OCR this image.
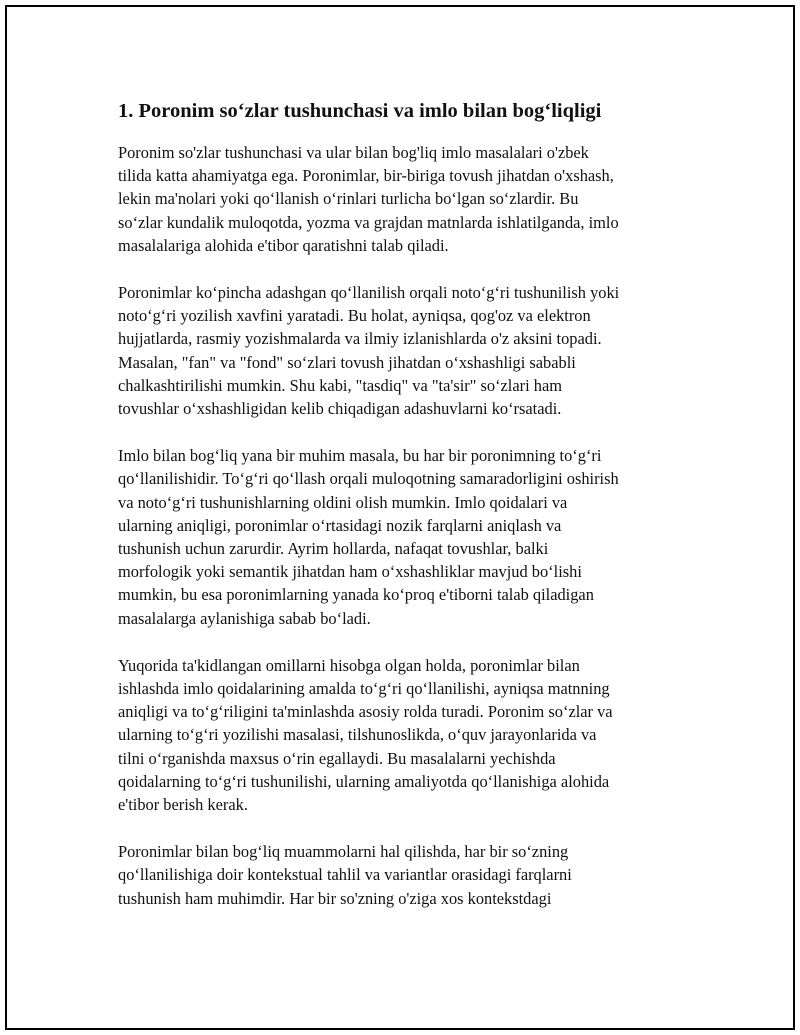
1. Poronim so‘zlar tushunchasi va imlo bilan bog‘liqligi

Poronim so'zlar tushunchasi va ular bilan bog'liq imlo masalalari o'zbek
tilida katta ahamiyatga ega. Poronimlar, bir-biriga tovush jihatdan o'xshash,
lekin ma'nolari yoki qo‘llanish o‘rinlari turlicha bo‘lgan so‘zlardir. Bu
so‘zlar kundalik muloqotda, yozma va grajdan matnlarda ishlatilganda, imlo
masalalariga alohida e'tibor qaratishni talab qiladi.

Poronimlar ko‘pincha adashgan qo‘llanilish orqali noto‘g‘ri tushunilish yoki
noto‘g‘ri yozilish xavfini yaratadi. Bu holat, ayniqsa, qog'oz va elektron
hujjatlarda, rasmiy yozishmalarda va ilmiy izlanishlarda o'z aksini topadi.
Masalan, "fan" va "fond" so‘zlari tovush jihatdan o‘xshashligi sababli
chalkashtirilishi mumkin. Shu kabi, "tasdiq" va "ta'sir" so‘zlari ham
tovushlar o‘xshashligidan kelib chiqadigan adashuvlarni ko‘rsatadi.

Imlo bilan bog‘liq yana bir muhim masala, bu har bir poronimning to‘g‘ri
qo‘llanilishidir. To‘g‘ri qo‘llash orqali muloqotning samaradorligini oshirish
va noto‘g‘ri tushunishlarning oldini olish mumkin. Imlo qoidalari va
ularning aniqligi, poronimlar o‘rtasidagi nozik farqlarni aniqlash va
tushunish uchun zarurdir. Ayrim hollarda, nafaqat tovushlar, balki
morfologik yoki semantik jihatdan ham o‘xshashliklar mavjud bo‘lishi
mumkin, bu esa poronimlarning yanada ko‘proq e'tiborni talab qiladigan
masalalarga aylanishiga sabab bo‘ladi.

Yuqorida ta'kidlangan omillarni hisobga olgan holda, poronimlar bilan
ishlashda imlo qoidalarining amalda to‘g‘ri qo‘llanilishi, ayniqsa matnning
aniqligi va to‘g‘riligini ta'minlashda asosiy rolda turadi. Poronim so‘zlar va
ularning to‘g‘ri yozilishi masalasi, tilshunoslikda, o‘quv jarayonlarida va
tilni o‘rganishda maxsus o‘rin egallaydi. Bu masalalarni yechishda
qoidalarning to‘g‘ri tushunilishi, ularning amaliyotda qo‘llanishiga alohida
e'tibor berish kerak.

Poronimlar bilan bog‘liq muammolarni hal qilishda, har bir so‘zning
qo‘llanilishiga doir kontekstual tahlil va variantlar orasidagi farqlarni
tushunish ham muhimdir. Har bir so'zning o'ziga xos kontekstdagi
